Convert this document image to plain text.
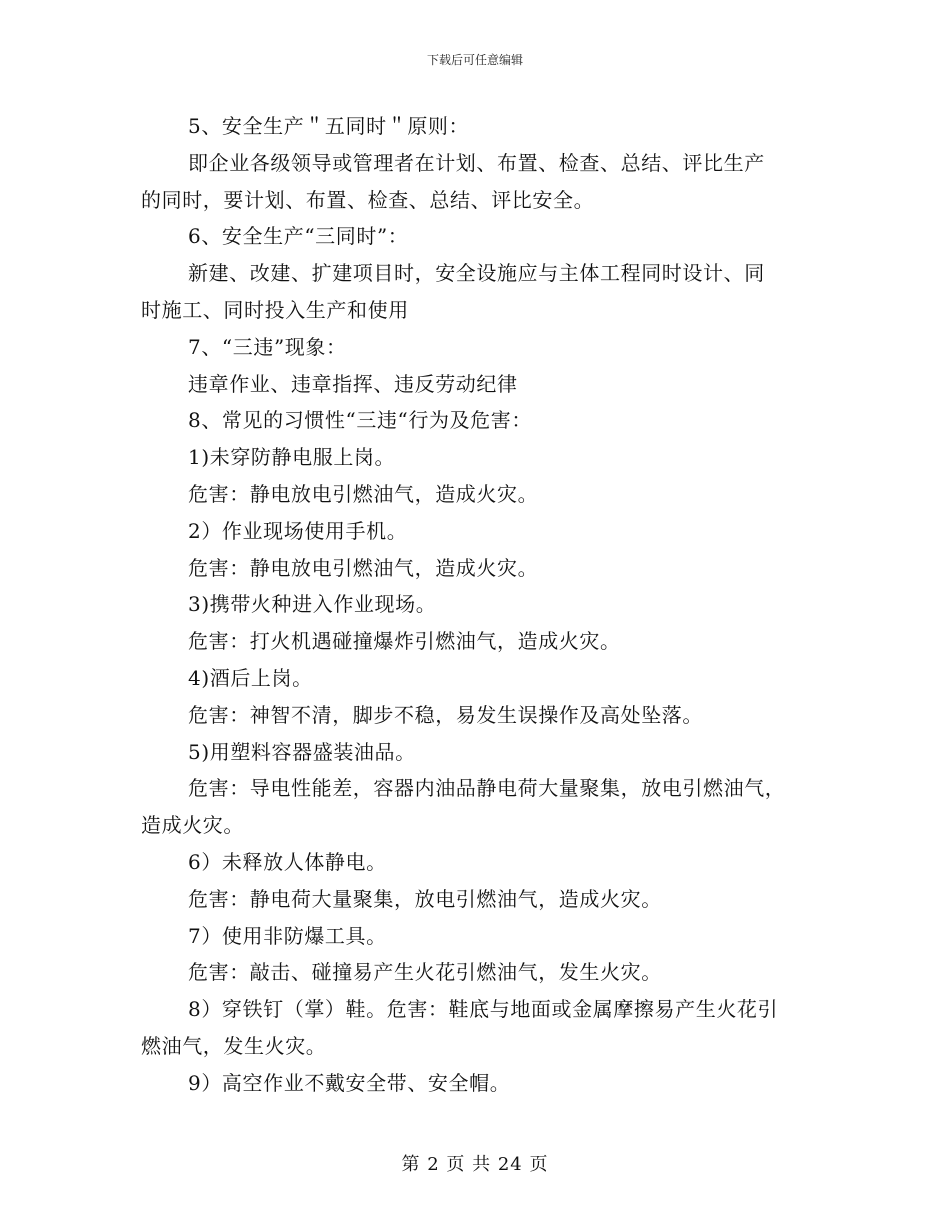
下载后可任意编辑
5、安全生产＂五同时＂原则：
即企业各级领导或管理者在计划、布置、检查、总结、评比生产
的同时，要计划、布置、检查、总结、评比安全。
6、安全生产“三同时”：
新建、改建、扩建项目时，安全设施应与主体工程同时设计、同
时施工、同时投入生产和使用
7、“三违”现象：
违章作业、违章指挥、违反劳动纪律
8、常见的习惯性“三违“行为及危害：
1)未穿防静电服上岗。
危害：静电放电引燃油气，造成火灾。
2）作业现场使用手机。
危害：静电放电引燃油气，造成火灾。
3)携带火种进入作业现场。
危害：打火机遇碰撞爆炸引燃油气，造成火灾。
4)酒后上岗。
危害：神智不清，脚步不稳，易发生误操作及高处坠落。
5)用塑料容器盛装油品。
危害：导电性能差，容器内油品静电荷大量聚集，放电引燃油气，
造成火灾。
6）未释放人体静电。
危害：静电荷大量聚集，放电引燃油气，造成火灾。
7）使用非防爆工具。
危害：敲击、碰撞易产生火花引燃油气，发生火灾。
8）穿铁钉（掌）鞋。危害：鞋底与地面或金属摩擦易产生火花引
燃油气，发生火灾。
9）高空作业不戴安全带、安全帽。
第 2 页 共 24 页
